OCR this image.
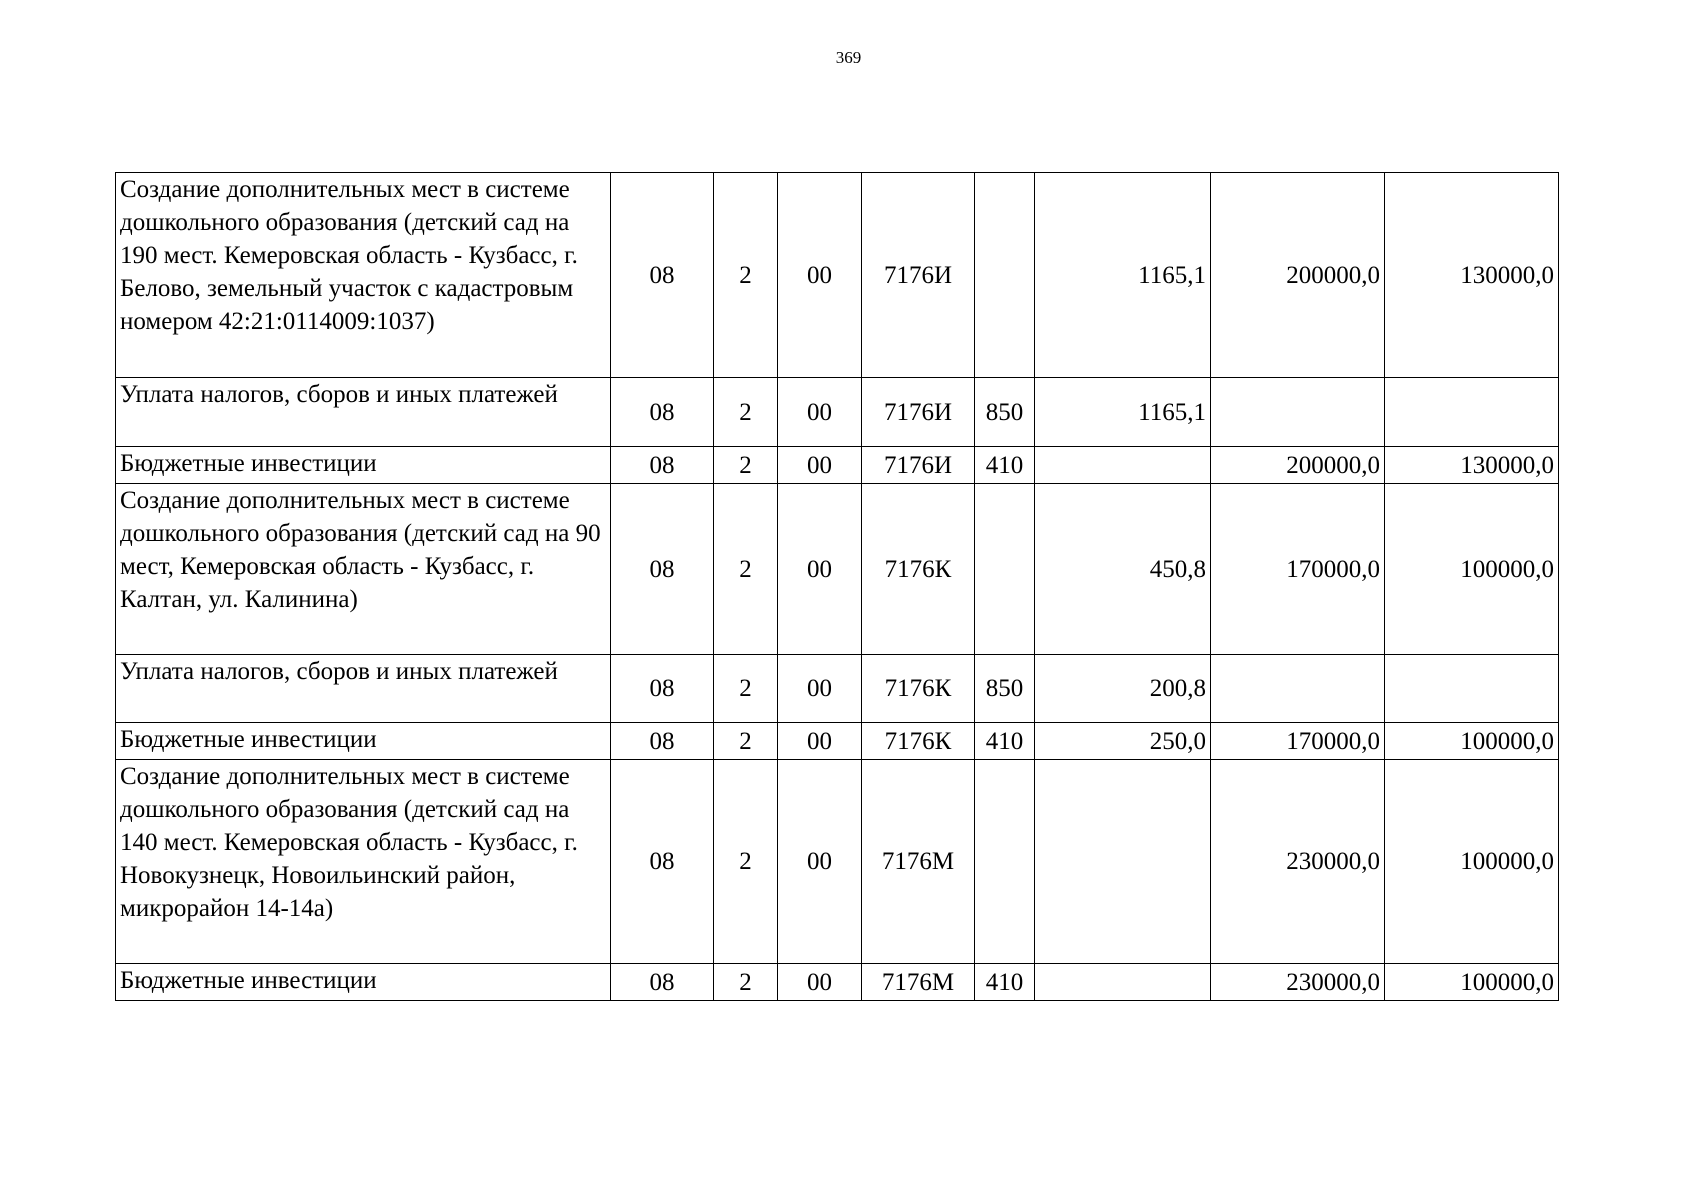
369
Создание дополнительных мест в системе дошкольного образования (детский сад на 190 мест. Кемеровская область - Кузбасс, г. Белово, земельный участок с кадастровым номером 42:21:0114009:1037)	08	2	00	7176И		1165,1	200000,0	130000,0

Уплата налогов, сборов и иных платежей	08	2	00	7176И	850	1165,1		

Бюджетные инвестиции	08	2	00	7176И	410		200000,0	130000,0

Создание дополнительных мест в системе дошкольного образования (детский сад на 90 мест, Кемеровская область - Кузбасс, г. Калтан, ул. Калинина)	08	2	00	7176К		450,8	170000,0	100000,0

Уплата налогов, сборов и иных платежей	08	2	00	7176К	850	200,8		

Бюджетные инвестиции	08	2	00	7176К	410	250,0	170000,0	100000,0

Создание дополнительных мест в системе дошкольного образования (детский сад на 140 мест. Кемеровская область - Кузбасс, г. Новокузнецк, Новоильинский район, микрорайон 14-14а)	08	2	00	7176М			230000,0	100000,0

Бюджетные инвестиции	08	2	00	7176М	410		230000,0	100000,0
